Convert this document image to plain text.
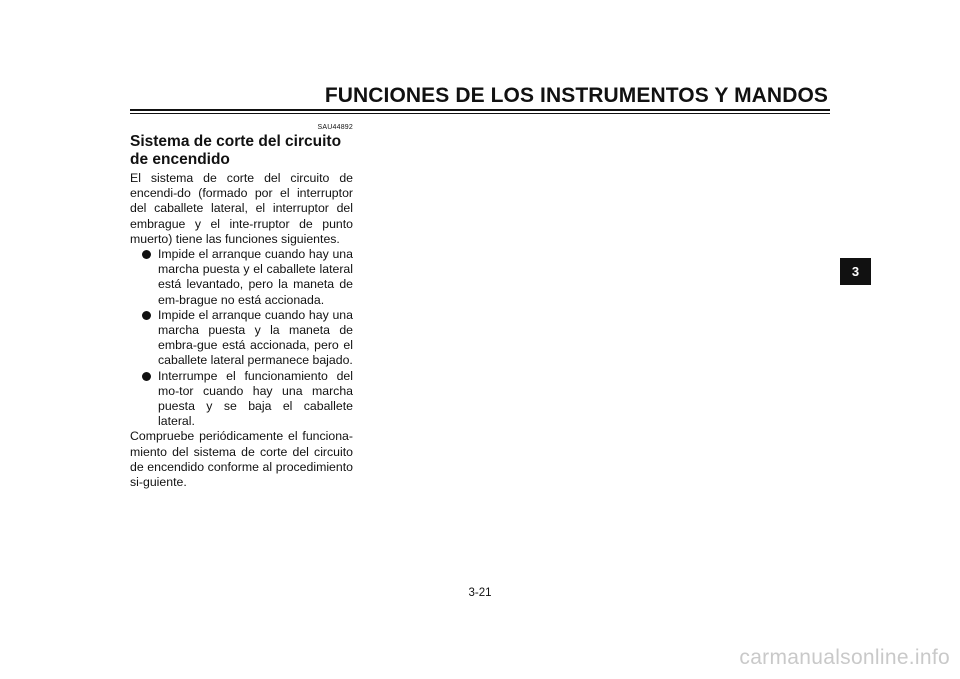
FUNCIONES DE LOS INSTRUMENTOS Y MANDOS
SAU44892
Sistema de corte del circuito de encendido

El sistema de corte del circuito de encendi-do (formado por el interruptor del caballete lateral, el interruptor del embrague y el inte-rruptor de punto muerto) tiene las funciones siguientes.

Impide el arranque cuando hay una marcha puesta y el caballete lateral está levantado, pero la maneta de em-brague no está accionada.
Impide el arranque cuando hay una marcha puesta y la maneta de embra-gue está accionada, pero el caballete lateral permanece bajado.
Interrumpe el funcionamiento del mo-tor cuando hay una marcha puesta y se baja el caballete lateral.

Compruebe periódicamente el funciona-miento del sistema de corte del circuito de encendido conforme al procedimiento si-guiente.

3
3-21
carmanualsonline.info
